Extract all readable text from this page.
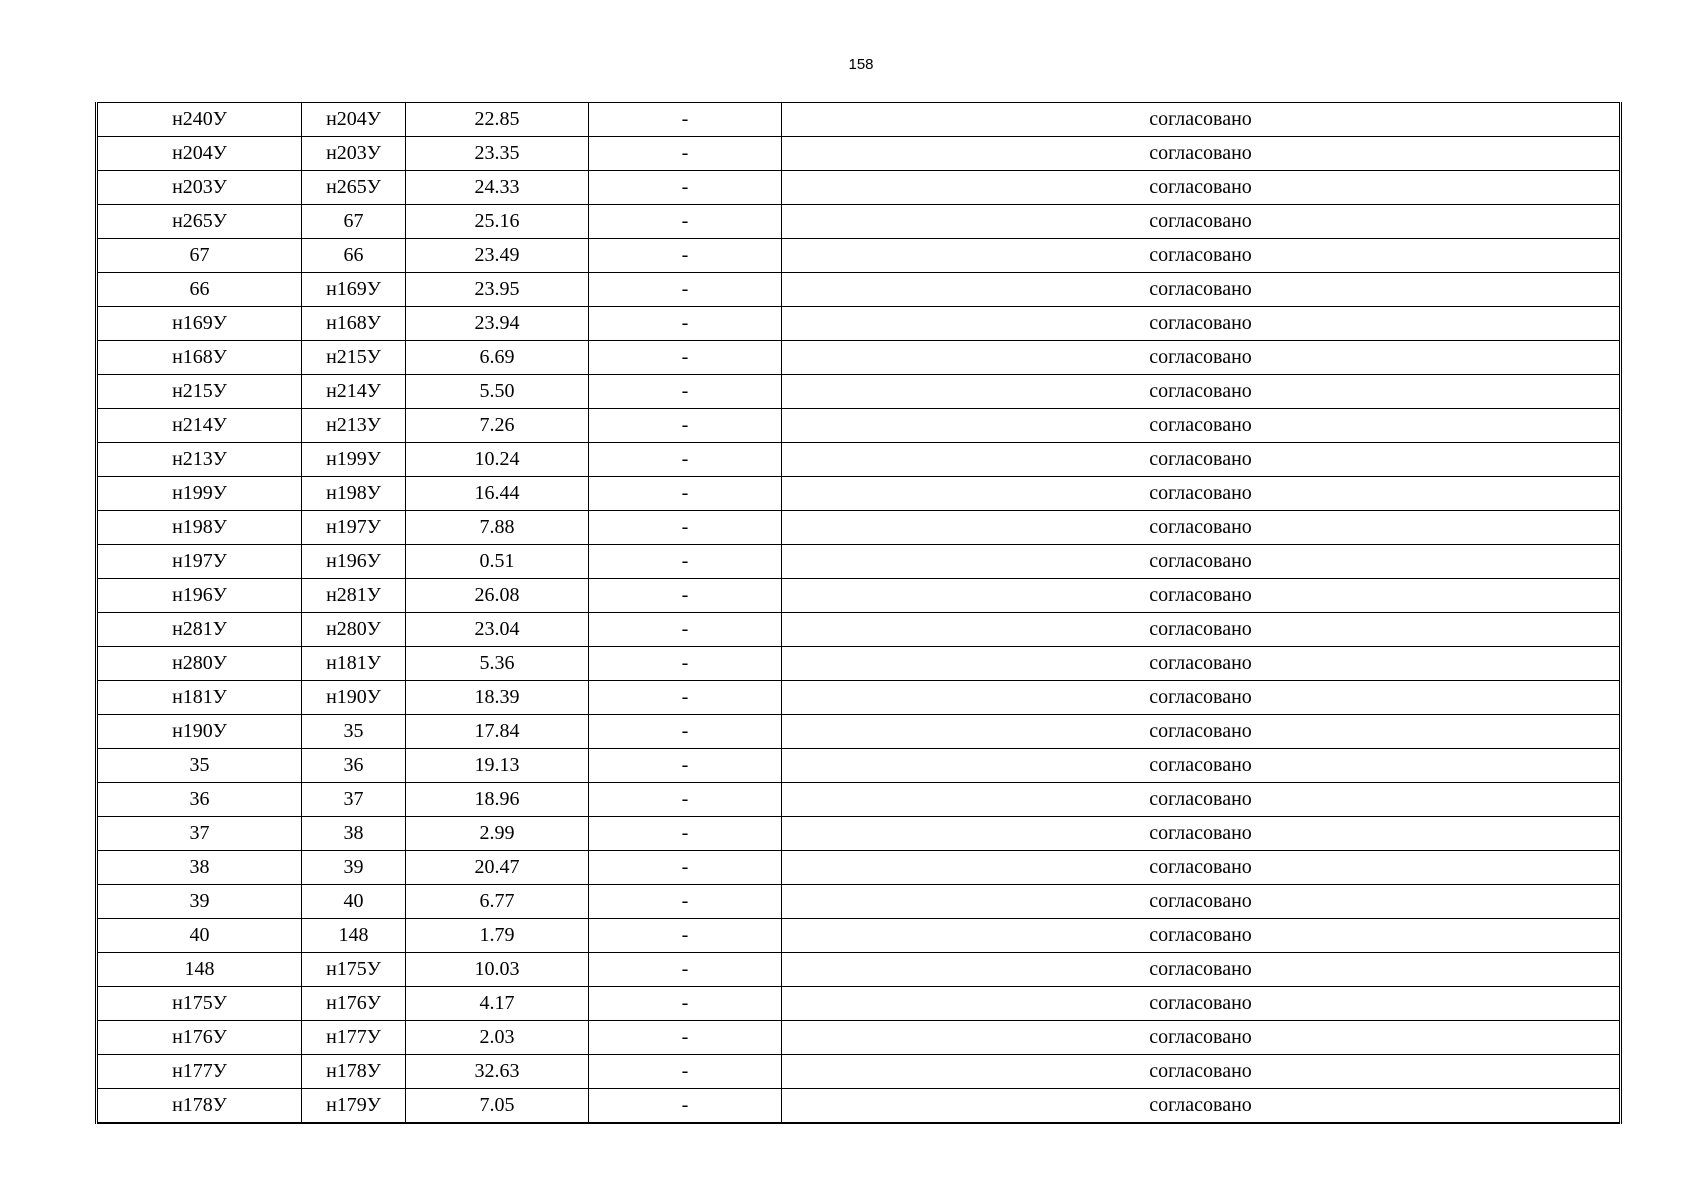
158
н240У	н204У	22.85	-	согласовано
н204У	н203У	23.35	-	согласовано
н203У	н265У	24.33	-	согласовано
н265У	67	25.16	-	согласовано
67	66	23.49	-	согласовано
66	н169У	23.95	-	согласовано
н169У	н168У	23.94	-	согласовано
н168У	н215У	6.69	-	согласовано
н215У	н214У	5.50	-	согласовано
н214У	н213У	7.26	-	согласовано
н213У	н199У	10.24	-	согласовано
н199У	н198У	16.44	-	согласовано
н198У	н197У	7.88	-	согласовано
н197У	н196У	0.51	-	согласовано
н196У	н281У	26.08	-	согласовано
н281У	н280У	23.04	-	согласовано
н280У	н181У	5.36	-	согласовано
н181У	н190У	18.39	-	согласовано
н190У	35	17.84	-	согласовано
35	36	19.13	-	согласовано
36	37	18.96	-	согласовано
37	38	2.99	-	согласовано
38	39	20.47	-	согласовано
39	40	6.77	-	согласовано
40	148	1.79	-	согласовано
148	н175У	10.03	-	согласовано
н175У	н176У	4.17	-	согласовано
н176У	н177У	2.03	-	согласовано
н177У	н178У	32.63	-	согласовано
н178У	н179У	7.05	-	согласовано
